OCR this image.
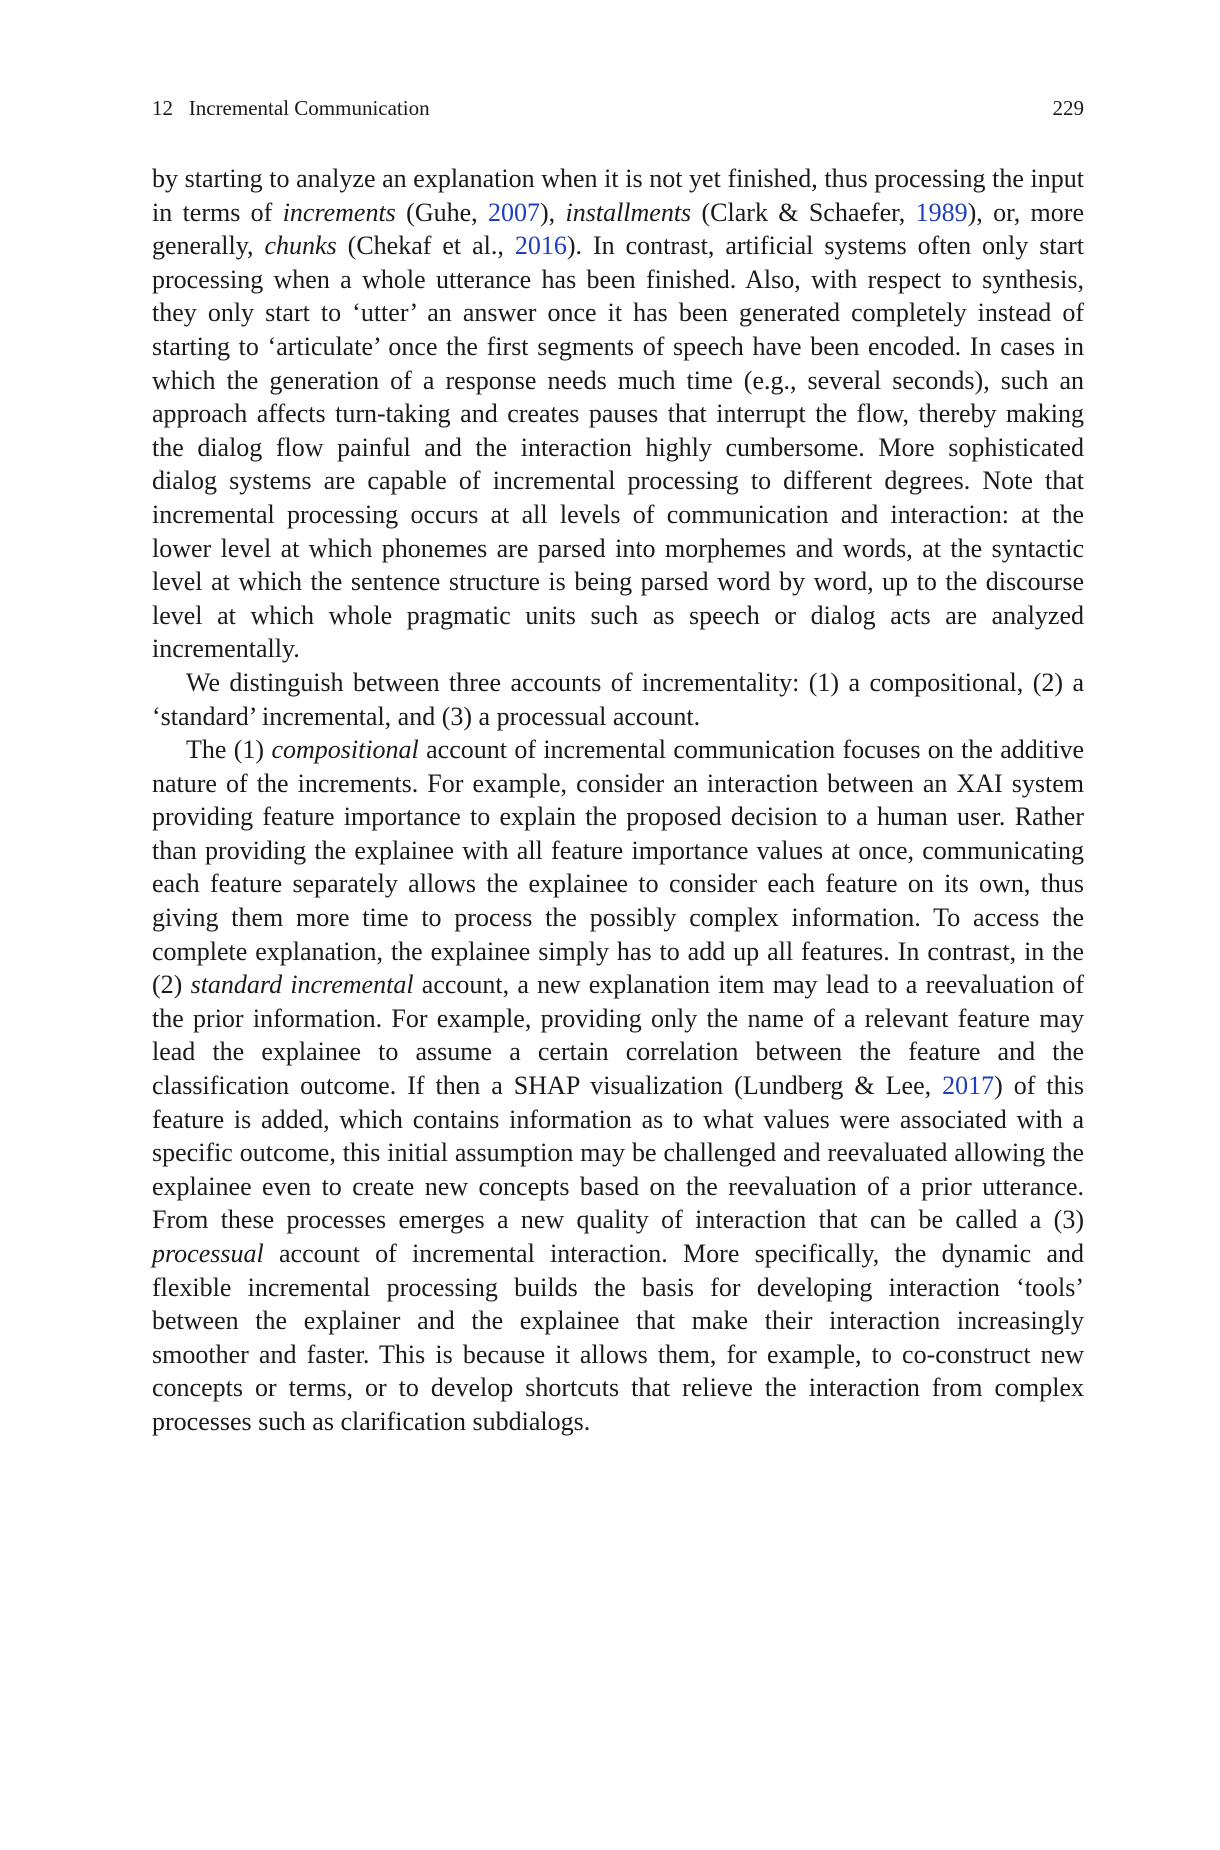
12 Incremental Communication	229

by starting to analyze an explanation when it is not yet finished, thus processing the input in terms of increments (Guhe, 2007), installments (Clark & Schaefer, 1989), or, more generally, chunks (Chekaf et al., 2016). In contrast, artificial systems often only start processing when a whole utterance has been finished. Also, with respect to synthesis, they only start to ‘utter’ an answer once it has been generated completely instead of starting to ‘articulate’ once the first segments of speech have been encoded. In cases in which the generation of a response needs much time (e.g., several seconds), such an approach affects turn-taking and creates pauses that interrupt the flow, thereby making the dialog flow painful and the interaction highly cumbersome. More sophisticated dialog systems are capable of incremental processing to different degrees. Note that incremental processing occurs at all levels of communication and interaction: at the lower level at which phonemes are parsed into morphemes and words, at the syntactic level at which the sentence structure is being parsed word by word, up to the discourse level at which whole pragmatic units such as speech or dialog acts are analyzed incrementally.

We distinguish between three accounts of incrementality: (1) a compositional, (2) a ‘standard’ incremental, and (3) a processual account.

The (1) compositional account of incremental communication focuses on the additive nature of the increments. For example, consider an interaction between an XAI system providing feature importance to explain the proposed decision to a human user. Rather than providing the explainee with all feature importance values at once, communicating each feature separately allows the explainee to consider each feature on its own, thus giving them more time to process the possibly complex information. To access the complete explanation, the explainee simply has to add up all features. In contrast, in the (2) standard incremental account, a new explanation item may lead to a reevaluation of the prior information. For example, providing only the name of a relevant feature may lead the explainee to assume a certain correlation between the feature and the classification outcome. If then a SHAP visualization (Lundberg & Lee, 2017) of this feature is added, which contains information as to what values were associated with a specific outcome, this initial assumption may be challenged and reevaluated allowing the explainee even to create new concepts based on the reevaluation of a prior utterance. From these processes emerges a new quality of interaction that can be called a (3) processual account of incremental interaction. More specifically, the dynamic and flexible incremental processing builds the basis for developing interaction ‘tools’ between the explainer and the explainee that make their interaction increasingly smoother and faster. This is because it allows them, for example, to co-construct new concepts or terms, or to develop shortcuts that relieve the interaction from complex processes such as clarification subdialogs.
